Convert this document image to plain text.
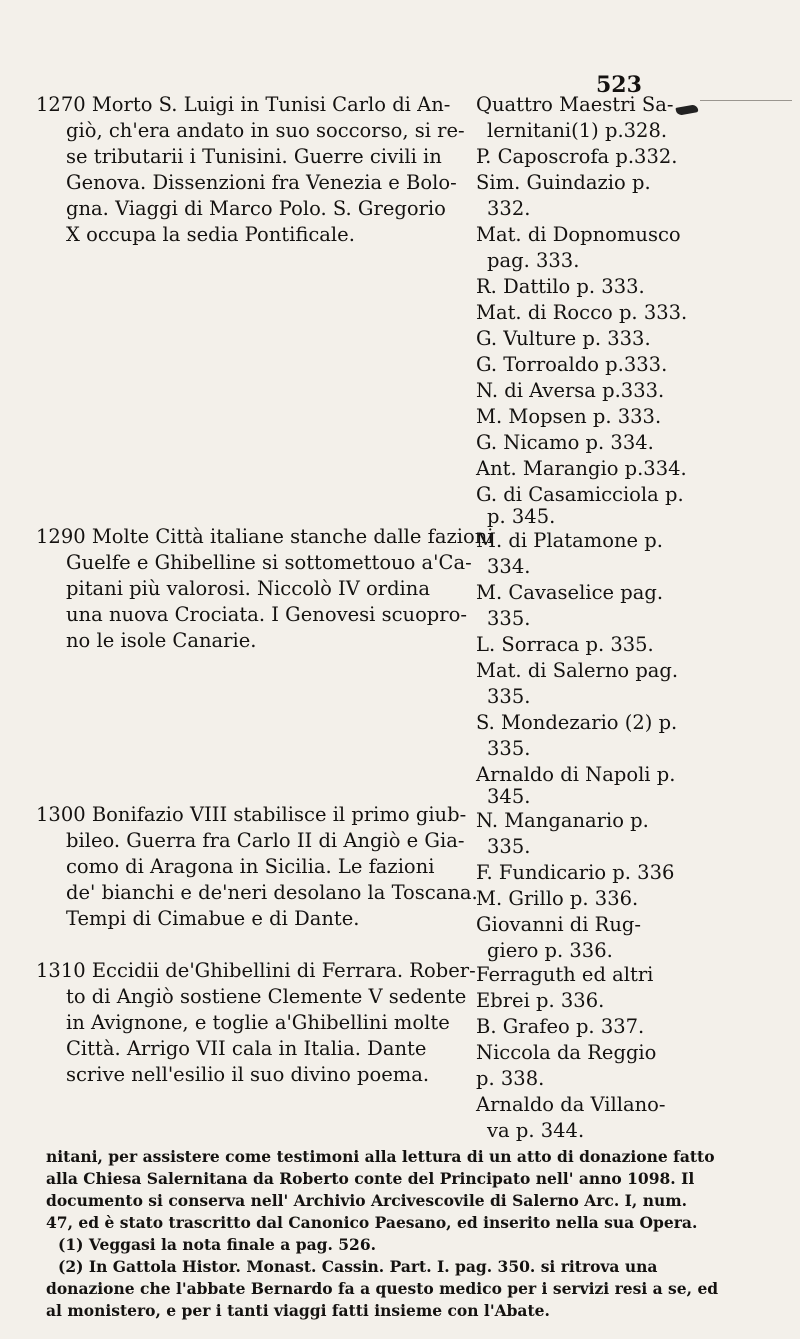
523
1270 Morto S. Luigi in Tunisi Carlo di An-
giò, ch'era andato in suo soccorso, si re-
se tributarii i Tunisini. Guerre civili in
Genova. Dissenzioni fra Venezia e Bolo-
gna. Viaggi di Marco Polo. S. Gregorio
X occupa la sedia Pontificale.
1290 Molte Città italiane stanche dalle fazioni
Guelfe e Ghibelline si sottomettouo a'Ca-
pitani più valorosi. Niccolò IV ordina
una nuova Crociata. I Genovesi scuopro-
no le isole Canarie.
1300 Bonifazio VIII stabilisce il primo giub-
bileo. Guerra fra Carlo II di Angiò e Gia-
como di Aragona in Sicilia. Le fazioni
de' bianchi e de'neri desolano la Toscana.
Tempi di Cimabue e di Dante.
1310 Eccidii de'Ghibellini di Ferrara. Rober-
to di Angiò sostiene Clemente V sedente
in Avignone, e toglie a'Ghibellini molte
Città. Arrigo VII cala in Italia. Dante
scrive nell'esilio il suo divino poema.
Quattro Maestri Sa-
lernitani(1) p.328.
P. Caposcrofa p.332.
Sim. Guindazio p.
332.
Mat. di Dopnomusco
pag. 333.
R. Dattilo p. 333.
Mat. di Rocco p. 333.
G. Vulture p. 333.
G. Torroaldo p.333.
N. di Aversa p.333.
M. Mopsen p. 333.
G. Nicamo p. 334.
Ant. Marangio p.334.
G. di Casamicciola p.
p. 345.
M. di Platamone p.
334.
M. Cavaselice pag.
335.
L. Sorraca p. 335.
Mat. di Salerno pag.
335.
S. Mondezario (2) p.
335.
Arnaldo di Napoli p.
345.
N. Manganario p.
335.
F. Fundicario p. 336
M. Grillo p. 336.
Giovanni di Rug-
giero p. 336.
Ferraguth ed altri
Ebrei p. 336.
B. Grafeo p. 337.
Niccola da Reggio
p. 338.
Arnaldo da Villano-
va p. 344.
nitani, per assistere come testimoni alla lettura di un atto di donazione fatto
alla Chiesa Salernitana da Roberto conte del Principato nell' anno 1098. Il
documento si conserva nell' Archivio Arcivescovile di Salerno Arc. I, num.
47, ed è stato trascritto dal Canonico Paesano, ed inserito nella sua Opera.
(1) Veggasi la nota finale a pag. 526.
(2) In Gattola Histor. Monast. Cassin. Part. I. pag. 350. si ritrova una
donazione che l'abbate Bernardo fa a questo medico per i servizi resi a se, ed
al monistero, e per i tanti viaggi fatti insieme con l'Abate.
